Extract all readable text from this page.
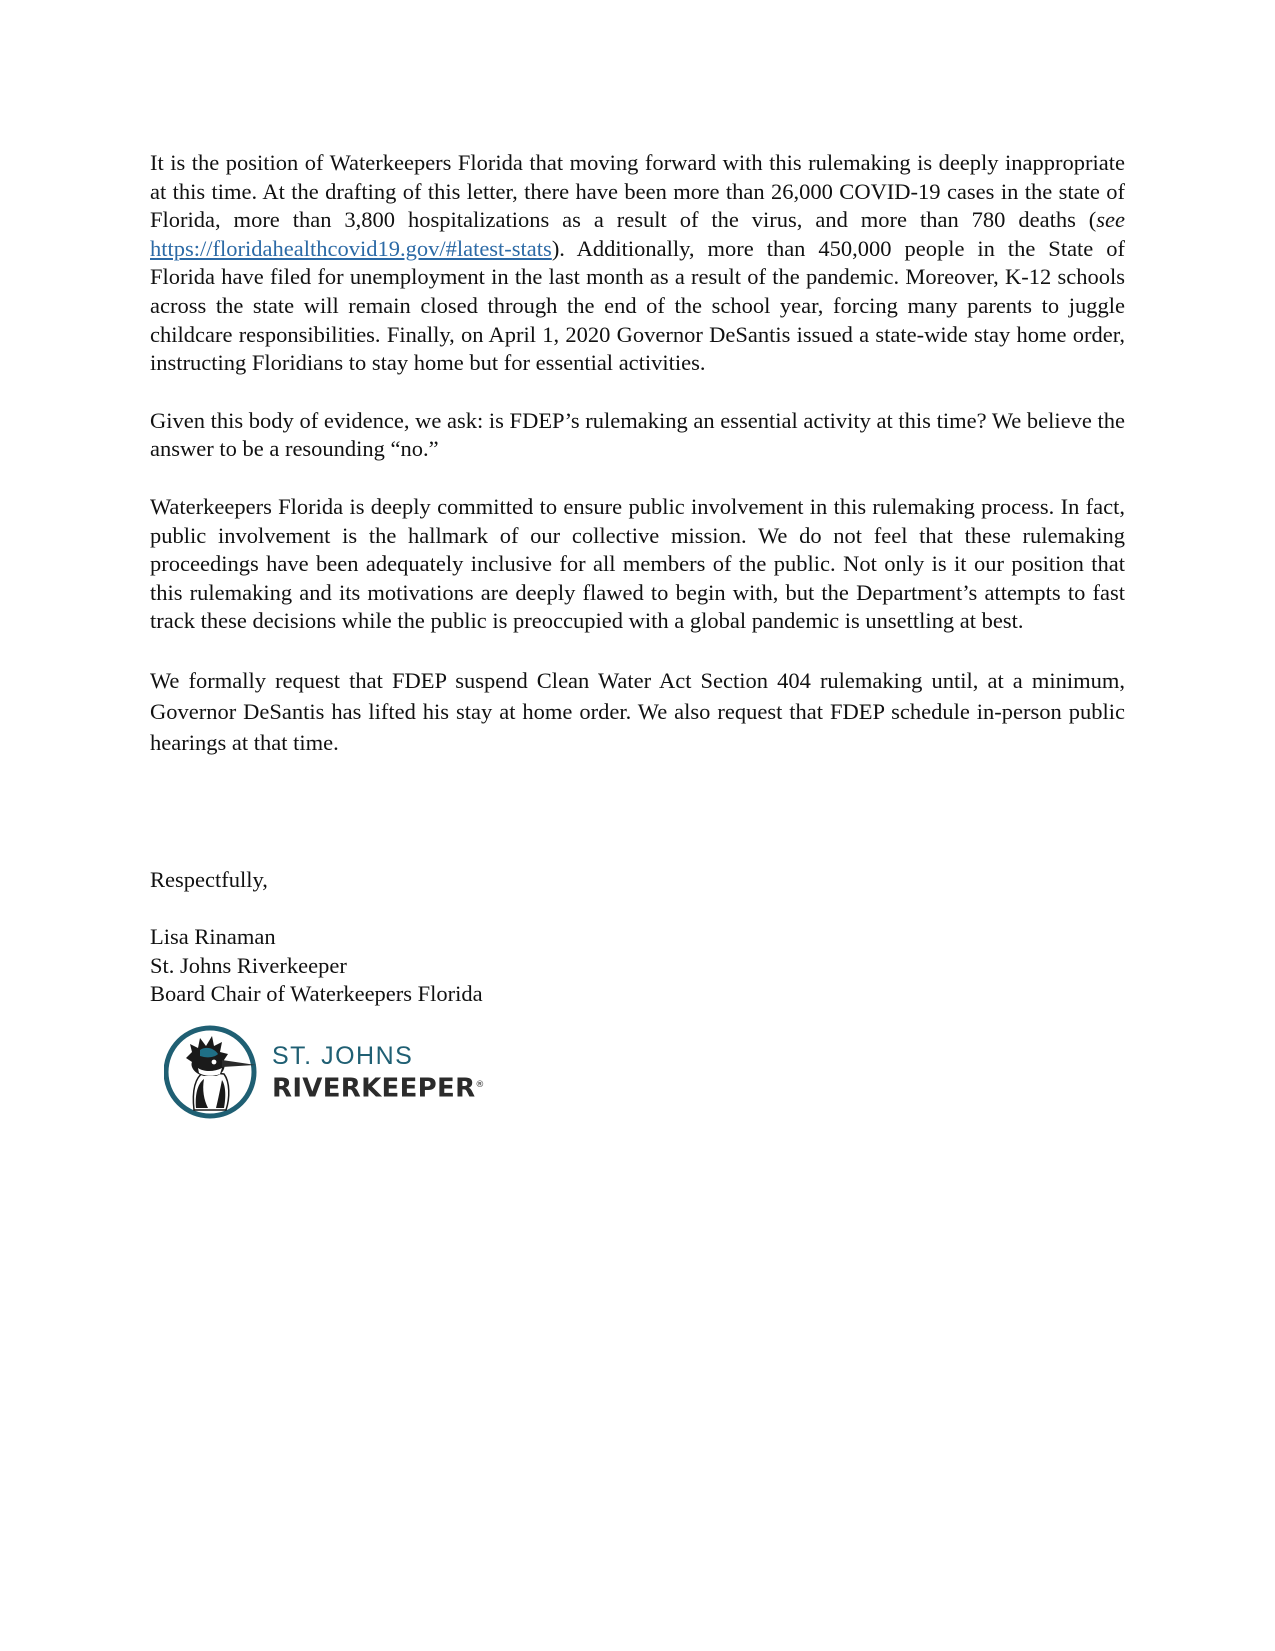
It is the position of Waterkeepers Florida that moving forward with this rulemaking is deeply inappropriate at this time. At the drafting of this letter, there have been more than 26,000 COVID-19 cases in the state of Florida, more than 3,800 hospitalizations as a result of the virus, and more than 780 deaths (see https://floridahealthcovid19.gov/#latest-stats). Additionally, more than 450,000 people in the State of Florida have filed for unemployment in the last month as a result of the pandemic. Moreover, K-12 schools across the state will remain closed through the end of the school year, forcing many parents to juggle childcare responsibilities. Finally, on April 1, 2020 Governor DeSantis issued a state-wide stay home order, instructing Floridians to stay home but for essential activities.

Given this body of evidence, we ask: is FDEP’s rulemaking an essential activity at this time? We believe the answer to be a resounding “no.”

Waterkeepers Florida is deeply committed to ensure public involvement in this rulemaking process. In fact, public involvement is the hallmark of our collective mission. We do not feel that these rulemaking proceedings have been adequately inclusive for all members of the public. Not only is it our position that this rulemaking and its motivations are deeply flawed to begin with, but the Department’s attempts to fast track these decisions while the public is preoccupied with a global pandemic is unsettling at best.

We formally request that FDEP suspend Clean Water Act Section 404 rulemaking until, at a minimum, Governor DeSantis has lifted his stay at home order. We also request that FDEP schedule in-person public hearings at that time.

Respectfully,
Lisa Rinaman
St. Johns Riverkeeper
Board Chair of Waterkeepers Florida
ST. JOHNS
RIVERKEEPER®
